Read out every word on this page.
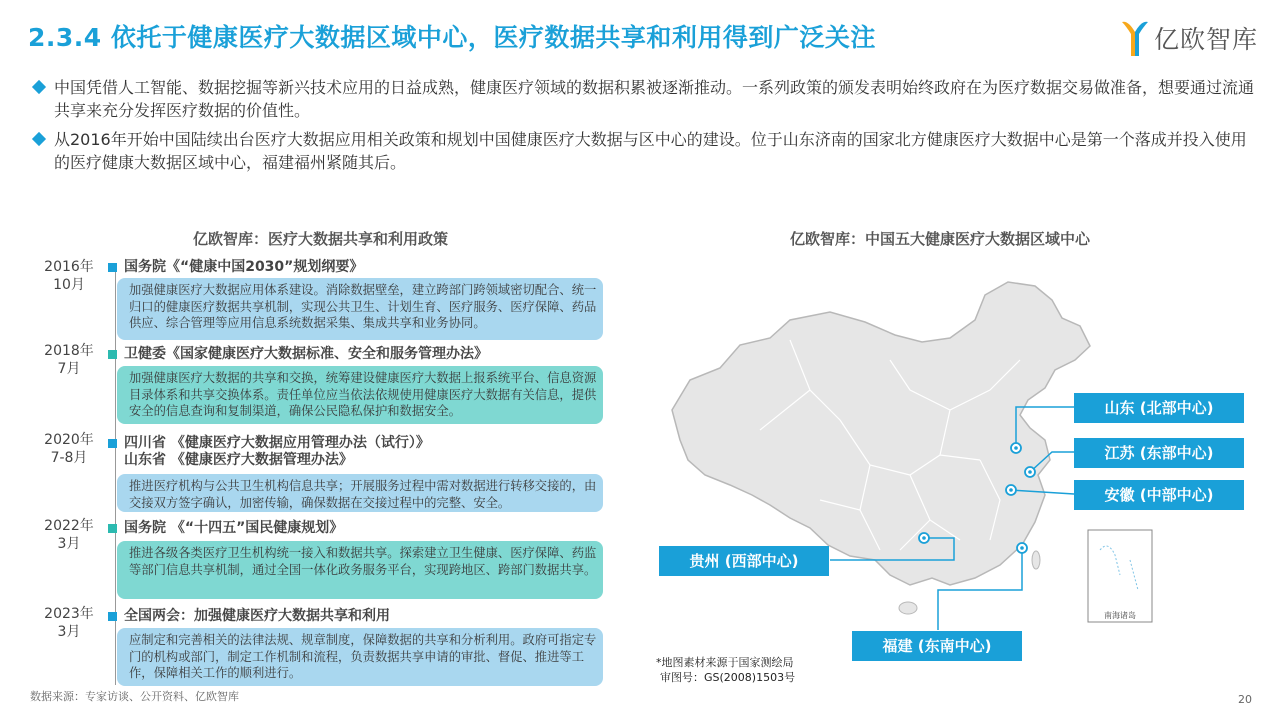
2.3.4 依托于健康医疗大数据区域中心，医疗数据共享和利用得到广泛关注	亿欧智库
中国凭借人工智能、数据挖掘等新兴技术应用的日益成熟，健康医疗领域的数据积累被逐渐推动。一系列政策的颁发表明始终政府在为医疗数据交易做准备，想要通过流通共享来充分发挥医疗数据的价值性。
从2016年开始中国陆续出台医疗大数据应用相关政策和规划中国健康医疗大数据与区中心的建设。位于山东济南的国家北方健康医疗大数据中心是第一个落成并投入使用的医疗健康大数据区域中心，福建福州紧随其后。
亿欧智库：医疗大数据共享和利用政策
2016年
10月
国务院《“健康中国2030”规划纲要》
加强健康医疗大数据应用体系建设。消除数据壁垒，建立跨部门跨领域密切配合、统一归口的健康医疗数据共享机制，实现公共卫生、计划生育、医疗服务、医疗保障、药品供应、综合管理等应用信息系统数据采集、集成共享和业务协同。
2018年
7月
卫健委《国家健康医疗大数据标准、安全和服务管理办法》
加强健康医疗大数据的共享和交换，统筹建设健康医疗大数据上报系统平台、信息资源目录体系和共享交换体系。责任单位应当依法依规使用健康医疗大数据有关信息，提供安全的信息查询和复制渠道，确保公民隐私保护和数据安全。
2020年
7-8月
四川省 《健康医疗大数据应用管理办法（试行）》
山东省 《健康医疗大数据管理办法》
推进医疗机构与公共卫生机构信息共享；开展服务过程中需对数据进行转移交接的，由交接双方签字确认，加密传输，确保数据在交接过程中的完整、安全。
2022年
3月
国务院 《“十四五”国民健康规划》
推进各级各类医疗卫生机构统一接入和数据共享。探索建立卫生健康、医疗保障、药监等部门信息共享机制，通过全国一体化政务服务平台，实现跨地区、跨部门数据共享。
2023年
3月
全国两会：加强健康医疗大数据共享和利用
应制定和完善相关的法律法规、规章制度，保障数据的共享和分析利用。政府可指定专门的机构或部门，制定工作机制和流程，负责数据共享申请的审批、督促、推进等工作，保障相关工作的顺利进行。
亿欧智库：中国五大健康医疗大数据区域中心
南海诸岛
山东 (北部中心)
江苏 (东部中心)
安徽 (中部中心)
贵州 (西部中心)
福建 (东南中心)
*地图素材来源于国家测绘局
审图号：GS(2008)1503号
数据来源：专家访谈、公开资料、亿欧智库	20
